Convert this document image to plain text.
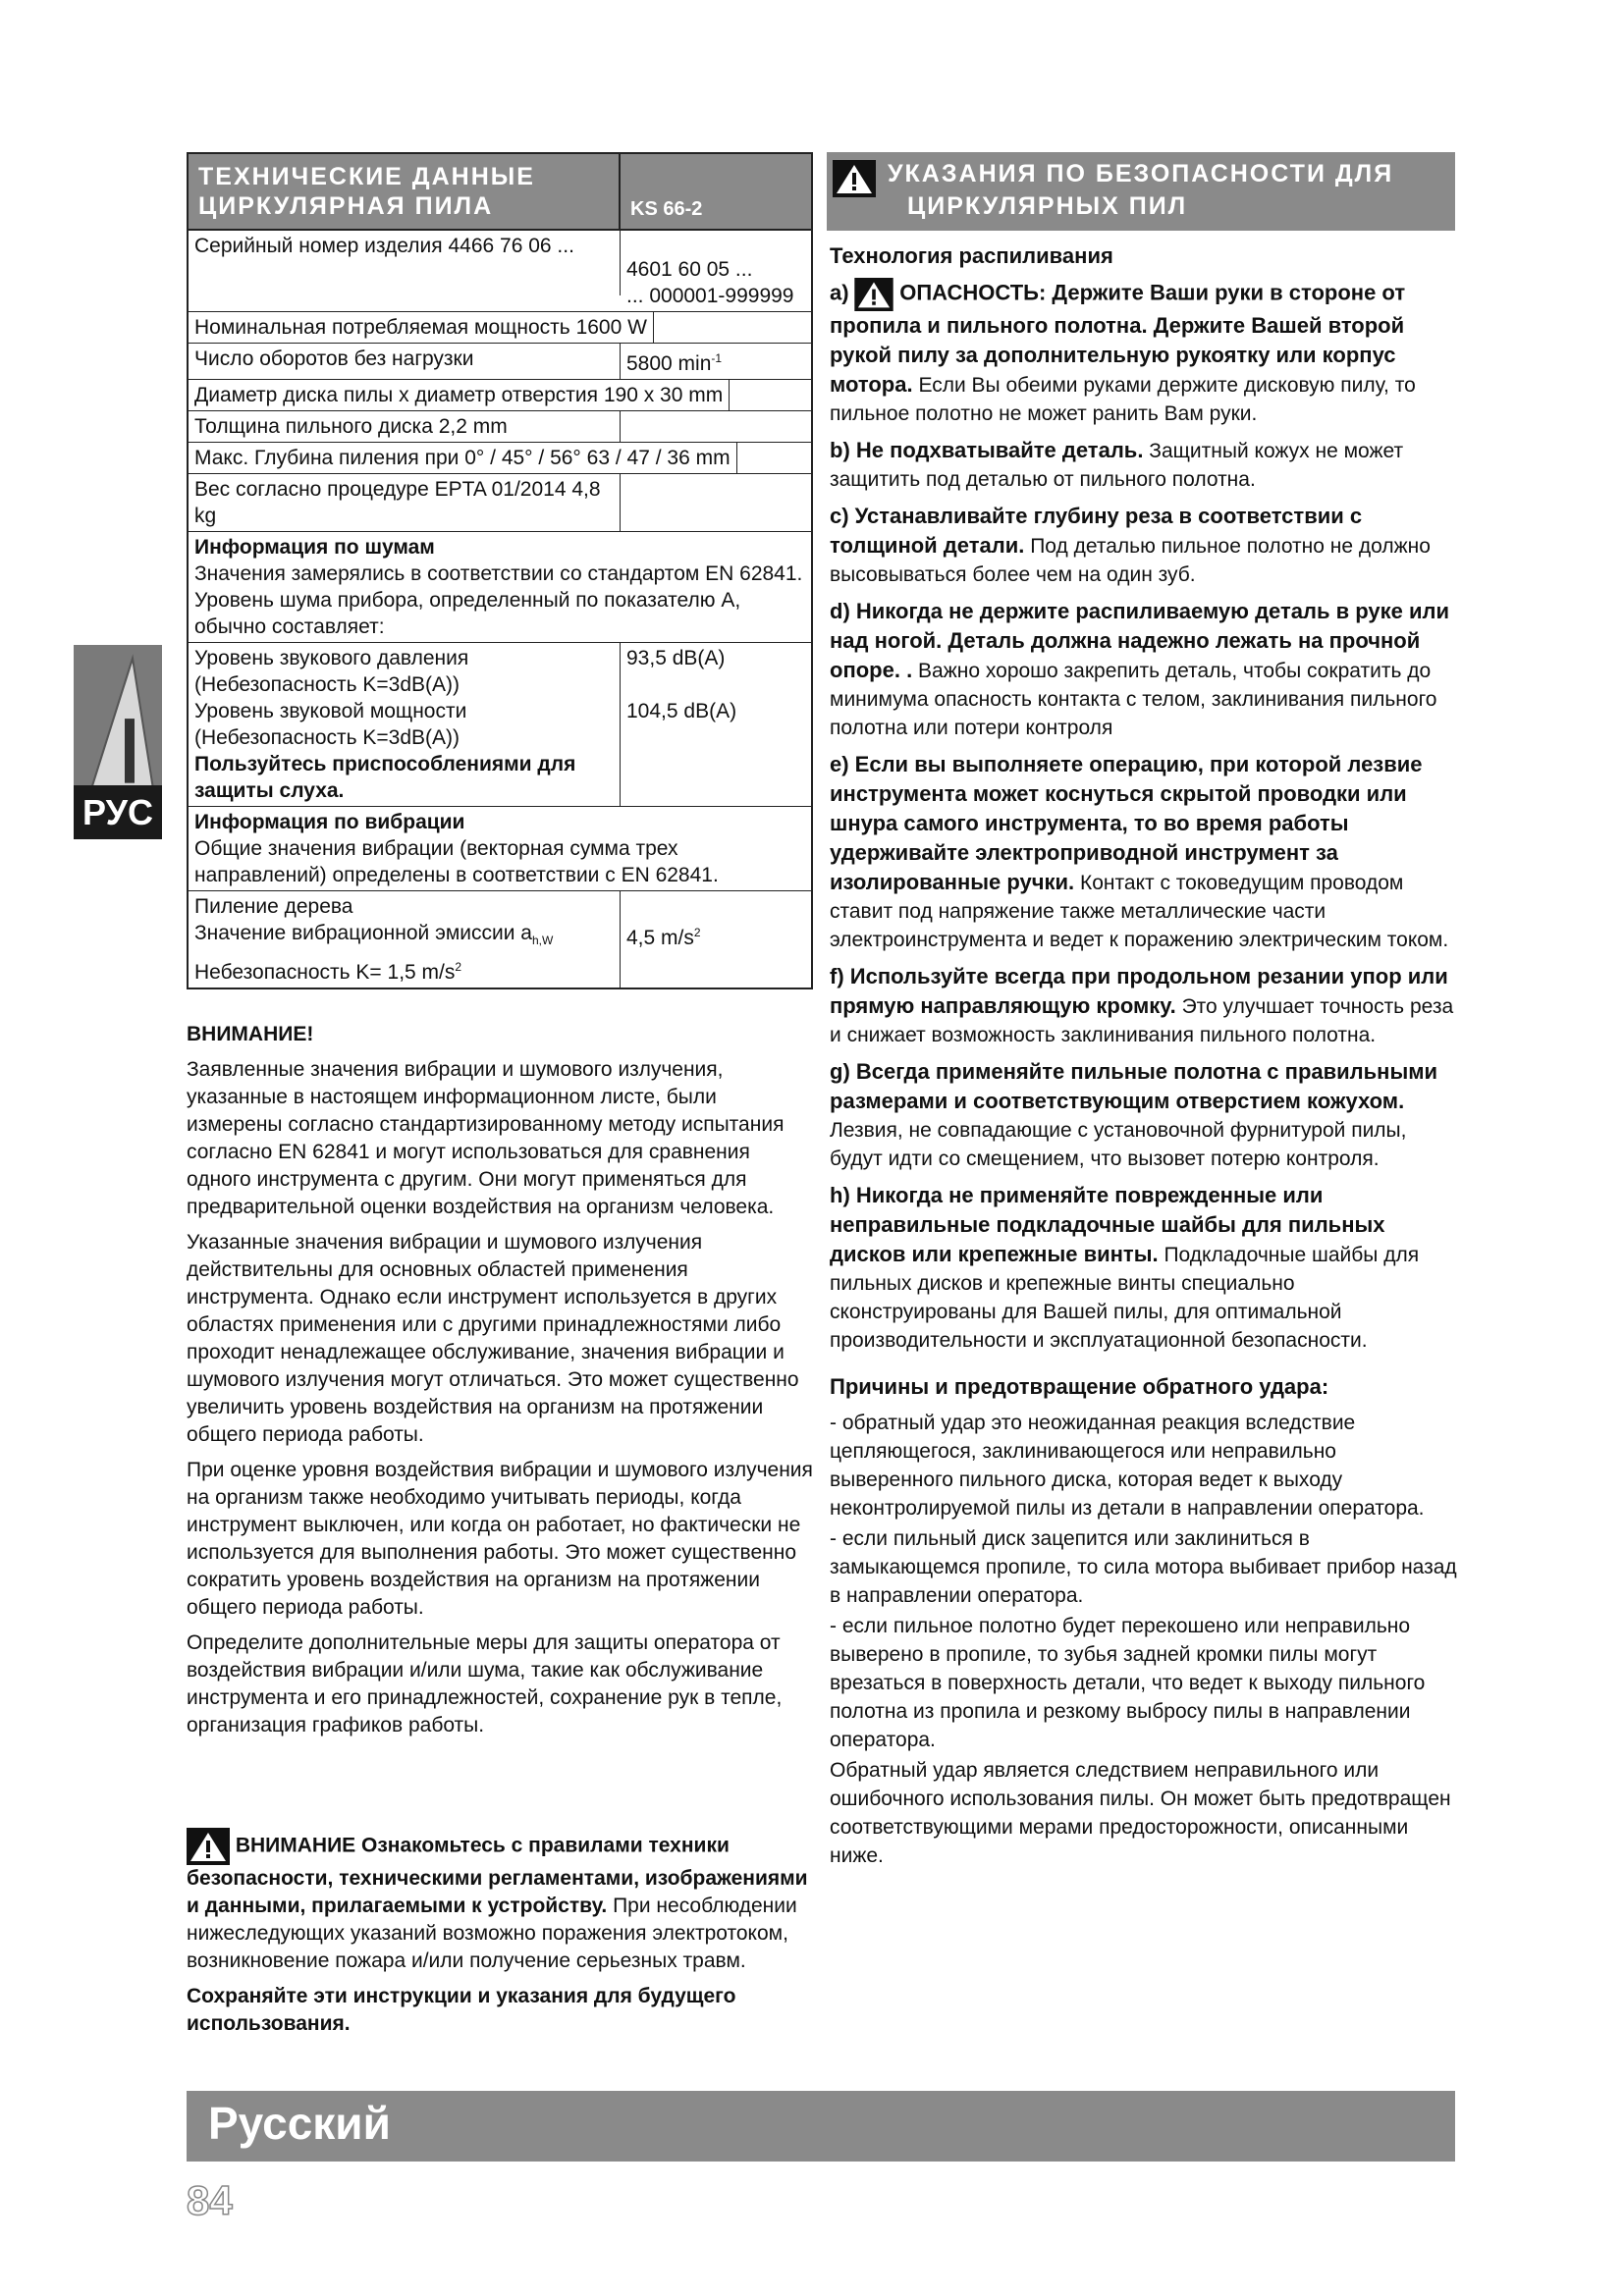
ТЕХНИЧЕСКИЕ ДАННЫЕ
ЦИРКУЛЯРНАЯ ПИЛА	KS 66-2
Серийный номер изделия 4466 76 06 ...
4601 60 05 ...
... 000001-999999
Номинальная потребляемая мощность 1600 W
Число оборотов без нагрузки	5800 $\min^{-1}$
Диаметр диска пилы x диаметр отверстия 190 x 30 mm
Толщина пильного диска 2,2 mm
Макс. Глубина пиления при 0° / 45° / 56° 63 / 47 / 36 mm
Вес согласно процедуре EPTA 01/2014 4,8 kg
Информация по шумам
Значения замерялись в соответствии со стандартом EN 62841. Уровень шума прибора, определенный по показателю А, обычно составляет:
Уровень звукового давления
(Небезопасность K=3dB(A))
Уровень звуковой мощности
(Небезопасность K=3dB(A))
Пользуйтесь приспособлениями для защиты слуха.
93,5 dB(A)
104,5 dB(A)
Информация по вибрации
Общие значения вибрации (векторная сумма трех направлений) определены в соответствии с EN 62841.
Пиление дерева
Значение вибрационной эмиссии $a_{h,W}$
Небезопасность K= 1,5 $m/s^2$
4,5 $m/s^2$

ВНИМАНИЕ!

Заявленные значения вибрации и шумового излучения, указанные в настоящем информационном листе, были измерены согласно стандартизированному методу испытания согласно EN 62841 и могут использоваться для сравнения одного инструмента с другим. Они могут применяться для предварительной оценки воздействия на организм человека.

Указанные значения вибрации и шумового излучения действительны для основных областей применения инструмента. Однако если инструмент используется в других областях применения или с другими принадлежностями либо проходит ненадлежащее обслуживание, значения вибрации и шумового излучения могут отличаться. Это может существенно увеличить уровень воздействия на организм на протяжении общего периода работы.

При оценке уровня воздействия вибрации и шумового излучения на организм также необходимо учитывать периоды, когда инструмент выключен, или когда он работает, но фактически не используется для выполнения работы. Это может существенно сократить уровень воздействия на организм на протяжении общего периода работы.

Определите дополнительные меры для защиты оператора от воздействия вибрации и/или шума, такие как обслуживание инструмента и его принадлежностей, сохранение рук в тепле, организация графиков работы.

ВНИМАНИЕ Ознакомьтесь с правилами техники безопасности, техническими регламентами, изображениями и данными, прилагаемыми к устройству. При несоблюдении нижеследующих указаний возможно поражения электротоком, возникновение пожара и/или получение серьезных травм.

Сохраняйте эти инструкции и указания для будущего использования.

РУС
УКАЗАНИЯ ПО БЕЗОПАСНОСТИ ДЛЯ
ЦИРКУЛЯРНЫХ ПИЛ

Технология распиливания

a) ОПАСНОСТЬ: Держите Ваши руки в стороне от пропила и пильного полотна. Держите Вашей второй рукой пилу за дополнительную рукоятку или корпус мотора. Если Вы обеими руками держите дисковую пилу, то пильное полотно не может ранить Вам руки.

b) Не подхватывайте деталь. Защитный кожух не может защитить под деталью от пильного полотна.

c) Устанавливайте глубину реза в соответствии с толщиной детали. Под деталью пильное полотно не должно высовываться более чем на один зуб.

d) Никогда не держите распиливаемую деталь в руке или над ногой. Деталь должна надежно лежать на прочной опоре. . Важно хорошо закрепить деталь, чтобы сократить до минимума опасность контакта с телом, заклинивания пильного полотна или потери контроля

e) Если вы выполняете операцию, при которой лезвие инструмента может коснуться скрытой проводки или шнура самого инструмента, то во время работы удерживайте электроприводной инструмент за изолированные ручки. Контакт с токоведущим проводом ставит под напряжение также металлические части электроинструмента и ведет к поражению электрическим током.

f) Используйте всегда при продольном резании упор или прямую направляющую кромку. Это улучшает точность реза и снижает возможность заклинивания пильного полотна.

g) Всегда применяйте пильные полотна с правильными размерами и соответствующим отверстием кожухом. Лезвия, не совпадающие с установочной фурнитурой пилы, будут идти со смещением, что вызовет потерю контроля.

h) Никогда не применяйте поврежденные или неправильные подкладочные шайбы для пильных дисков или крепежные винты. Подкладочные шайбы для пильных дисков и крепежные винты специально сконструированы для Вашей пилы, для оптимальной производительности и эксплуатационной безопасности.

Причины и предотвращение обратного удара:

- обратный удар это неожиданная реакция вследствие цепляющегося, заклинивающегося или неправильно выверенного пильного диска, которая ведет к выходу неконтролируемой пилы из детали в направлении оператора.

- если пильный диск зацепится или заклиниться в замыкающемся пропиле, то сила мотора выбивает прибор назад в направлении оператора.

- если пильное полотно будет перекошено или неправильно выверено в пропиле, то зубья задней кромки пилы могут врезаться в поверхность детали, что ведет к выходу пильного полотна из пропила и резкому выбросу пилы в направлении оператора.

Обратный удар является следствием неправильного или ошибочного использования пилы. Он может быть предотвращен соответствующими мерами предосторожности, описанными ниже.

Русский
84
